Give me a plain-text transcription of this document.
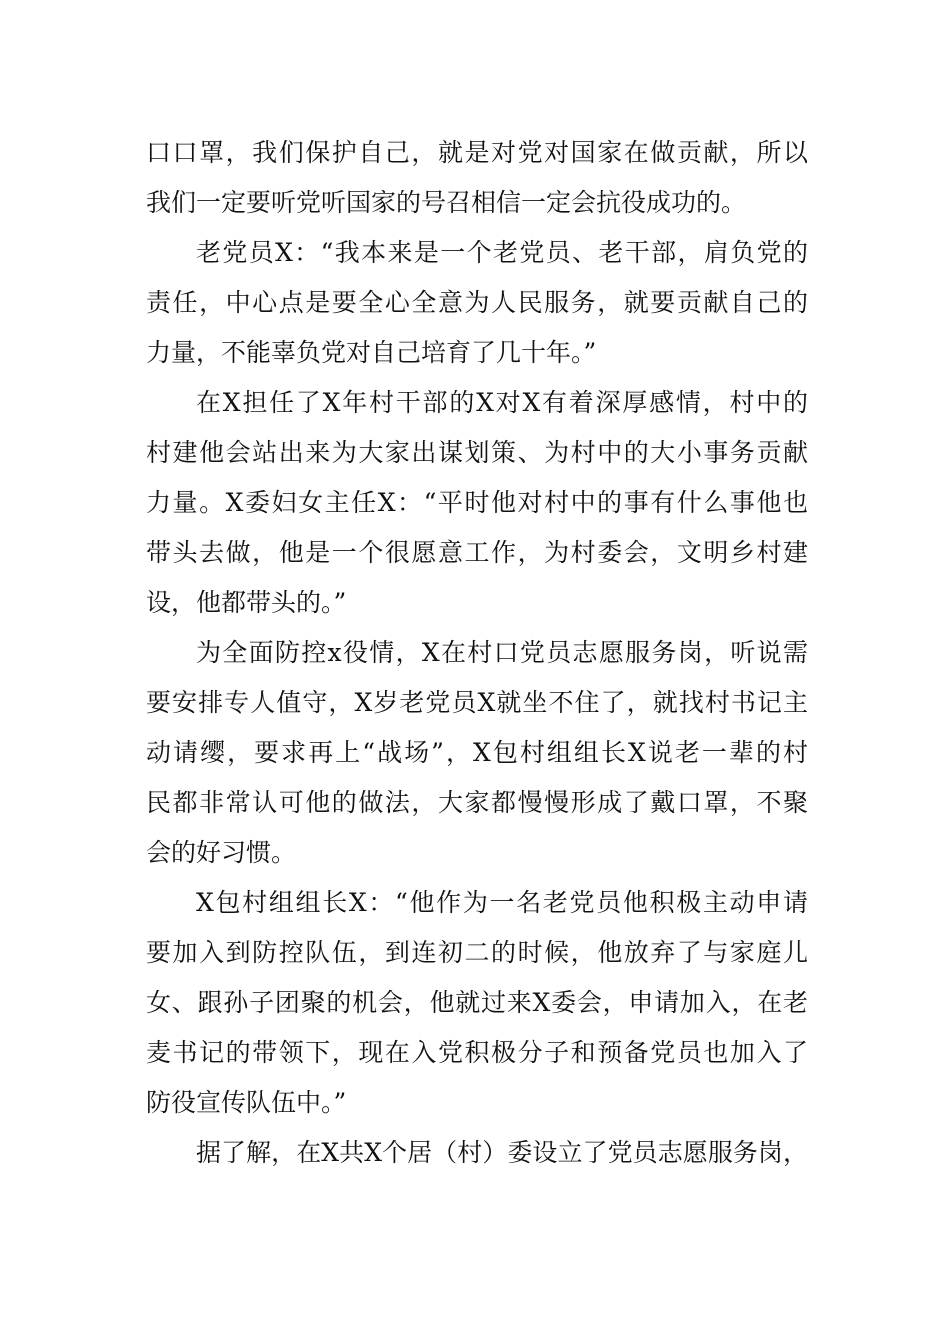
口口罩，我们保护自己，就是对党对国家在做贡献，所以
我们一定要听党听国家的号召相信一定会抗役成功的。
老党员X：“我本来是一个老党员、老干部，肩负党的
责任，中心点是要全心全意为人民服务，就要贡献自己的
力量，不能辜负党对自己培育了几十年。”
在X担任了X年村干部的X对X有着深厚感情，村中的
村建他会站出来为大家出谋划策、为村中的大小事务贡献
力量。X委妇女主任X：“平时他对村中的事有什么事他也
带头去做，他是一个很愿意工作，为村委会，文明乡村建
设，他都带头的。”
为全面防控x役情，X在村口党员志愿服务岗，听说需
要安排专人值守，X岁老党员X就坐不住了，就找村书记主
动请缨，要求再上“战场”，X包村组组长X说老一辈的村
民都非常认可他的做法，大家都慢慢形成了戴口罩，不聚
会的好习惯。
X包村组组长X：“他作为一名老党员他积极主动申请
要加入到防控队伍，到连初二的时候，他放弃了与家庭儿
女、跟孙子团聚的机会，他就过来X委会，申请加入，在老
麦书记的带领下，现在入党积极分子和预备党员也加入了
防役宣传队伍中。”
据了解，在X共X个居（村）委设立了党员志愿服务岗，
